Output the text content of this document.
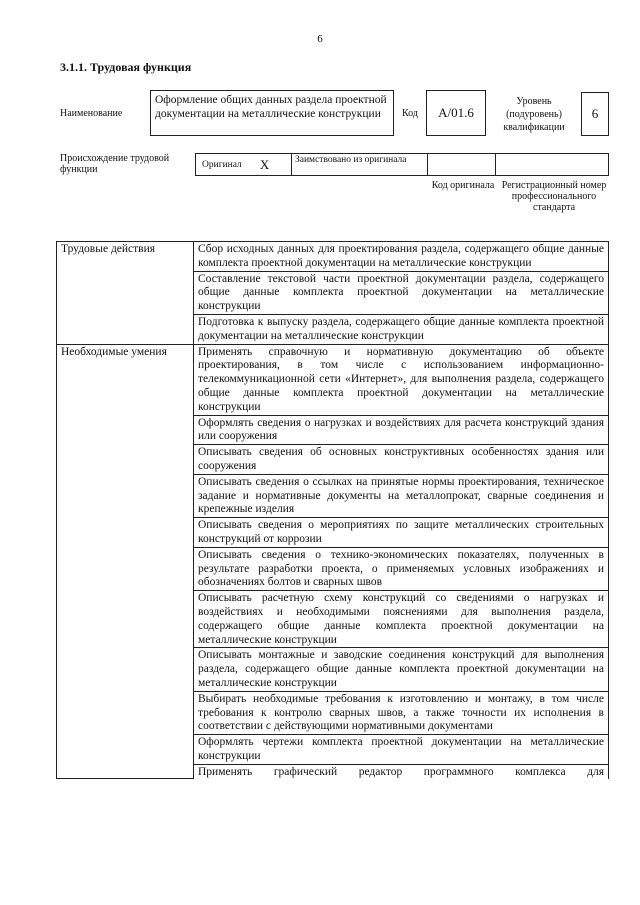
6
3.1.1. Трудовая функция
Наименование
Оформление общих данных раздела проектной документации на металлические конструкции	Код	A/01.6
Уровень (подуровень) квалификации
6
Происхождение трудовой функции	Оригинал X	Заимствовано из оригинала
Код оригинала Регистрационный номер профессионального стандарта
Трудовые действия	Сбор исходных данных для проектирования раздела, содержащего общие данные комплекта проектной документации на металлические конструкции
	Составление текстовой части проектной документации раздела, содержащего общие данные комплекта проектной документации на металлические конструкции
	Подготовка к выпуску раздела, содержащего общие данные комплекта проектной документации на металлические конструкции
Необходимые умения	Применять справочную и нормативную документацию об объекте проектирования, в том числе с использованием информационно-телекоммуникационной сети «Интернет», для выполнения раздела, содержащего общие данные комплекта проектной документации на металлические конструкции
	Оформлять сведения о нагрузках и воздействиях для расчета конструкций здания или сооружения
	Описывать сведения об основных конструктивных особенностях здания или сооружения
	Описывать сведения о ссылках на принятые нормы проектирования, техническое задание и нормативные документы на металлопрокат, сварные соединения и крепежные изделия
	Описывать сведения о мероприятиях по защите металлических строительных конструкций от коррозии
	Описывать сведения о технико-экономических показателях, полученных в результате разработки проекта, о применяемых условных изображениях и обозначениях болтов и сварных швов
	Описывать расчетную схему конструкций со сведениями о нагрузках и воздействиях и необходимыми пояснениями для выполнения раздела, содержащего общие данные комплекта проектной документации на металлические конструкции
	Описывать монтажные и заводские соединения конструкций для выполнения раздела, содержащего общие данные комплекта проектной документации на металлические конструкции
	Выбирать необходимые требования к изготовлению и монтажу, в том числе требования к контролю сварных швов, а также точности их исполнения в соответствии с действующими нормативными документами
	Оформлять чертежи комплекта проектной документации на металлические конструкции

	Применять графический редактор программного комплекса для
